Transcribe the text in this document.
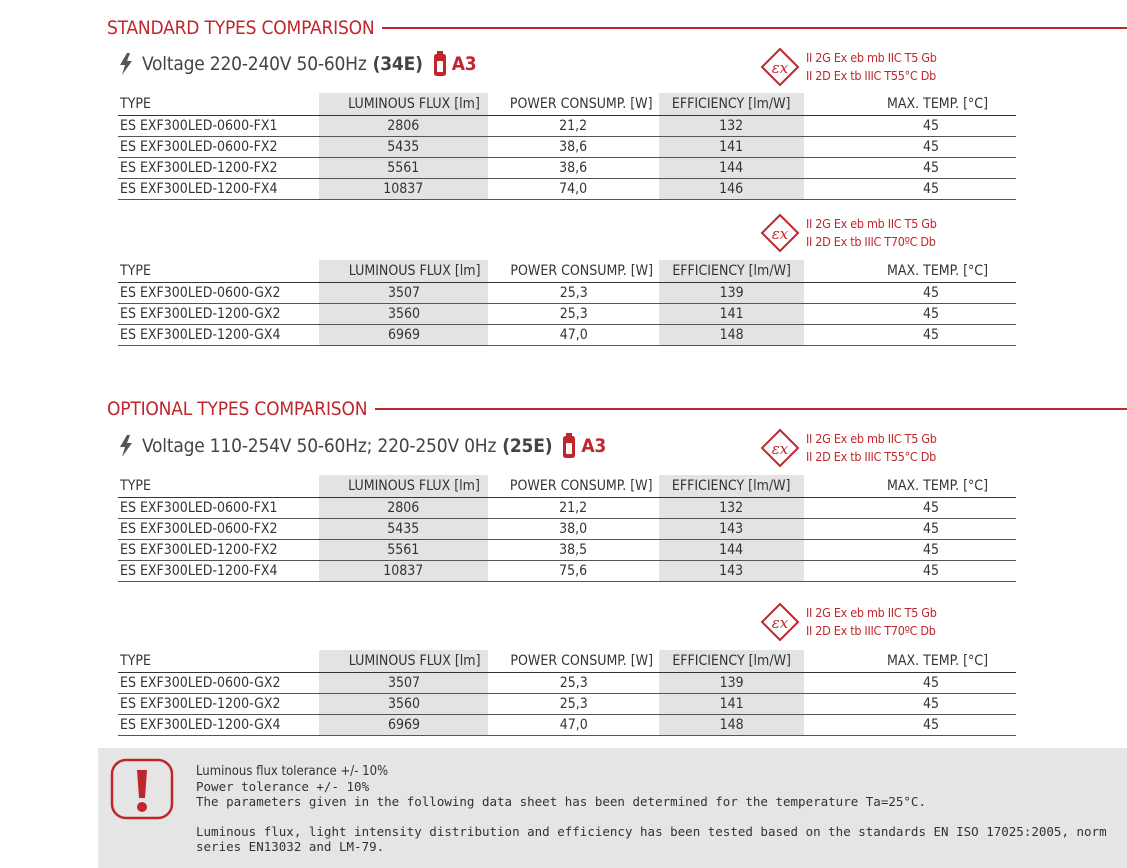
STANDARD TYPES COMPARISON
Voltage 220-240V 50-60Hz (34E) A3	εx
II 2G Ex eb mb IIC T5 Gb
II 2D Ex tb IIIC T55°C Db
TYPE	LUMINOUS FLUX [lm]	POWER CONSUMP. [W]	EFFICIENCY [lm/W]	MAX. TEMP. [°C]
ES EXF300LED-0600-FX1	2806	21,2	132	45
ES EXF300LED-0600-FX2	5435	38,6	141	45
ES EXF300LED-1200-FX2	5561	38,6	144	45
ES EXF300LED-1200-FX4	10837	74,0	146	45
εx
II 2G Ex eb mb IIC T5 Gb
II 2D Ex tb IIIC T70ºC Db
TYPE	LUMINOUS FLUX [lm]	POWER CONSUMP. [W]	EFFICIENCY [lm/W]	MAX. TEMP. [°C]
ES EXF300LED-0600-GX2	3507	25,3	139	45
ES EXF300LED-1200-GX2	3560	25,3	141	45
ES EXF300LED-1200-GX4	6969	47,0	148	45
OPTIONAL TYPES COMPARISON
Voltage 110-254V 50-60Hz; 220-250V 0Hz (25E) A3	εx
II 2G Ex eb mb IIC T5 Gb
II 2D Ex tb IIIC T55°C Db
TYPE	LUMINOUS FLUX [lm]	POWER CONSUMP. [W]	EFFICIENCY [lm/W]	MAX. TEMP. [°C]
ES EXF300LED-0600-FX1	2806	21,2	132	45
ES EXF300LED-0600-FX2	5435	38,0	143	45
ES EXF300LED-1200-FX2	5561	38,5	144	45
ES EXF300LED-1200-FX4	10837	75,6	143	45
εx
II 2G Ex eb mb IIC T5 Gb
II 2D Ex tb IIIC T70ºC Db
TYPE	LUMINOUS FLUX [lm]	POWER CONSUMP. [W]	EFFICIENCY [lm/W]	MAX. TEMP. [°C]
ES EXF300LED-0600-GX2	3507	25,3	139	45
ES EXF300LED-1200-GX2	3560	25,3	141	45
ES EXF300LED-1200-GX4	6969	47,0	148	45
Luminous flux tolerance +/- 10%
Power tolerance +/- 10%
The parameters given in the following data sheet has been determined for the temperature Ta=25°C.
Luminous flux, light intensity distribution and efficiency has been tested based on the standards EN ISO 17025:2005, norm
series EN13032 and LM-79.
